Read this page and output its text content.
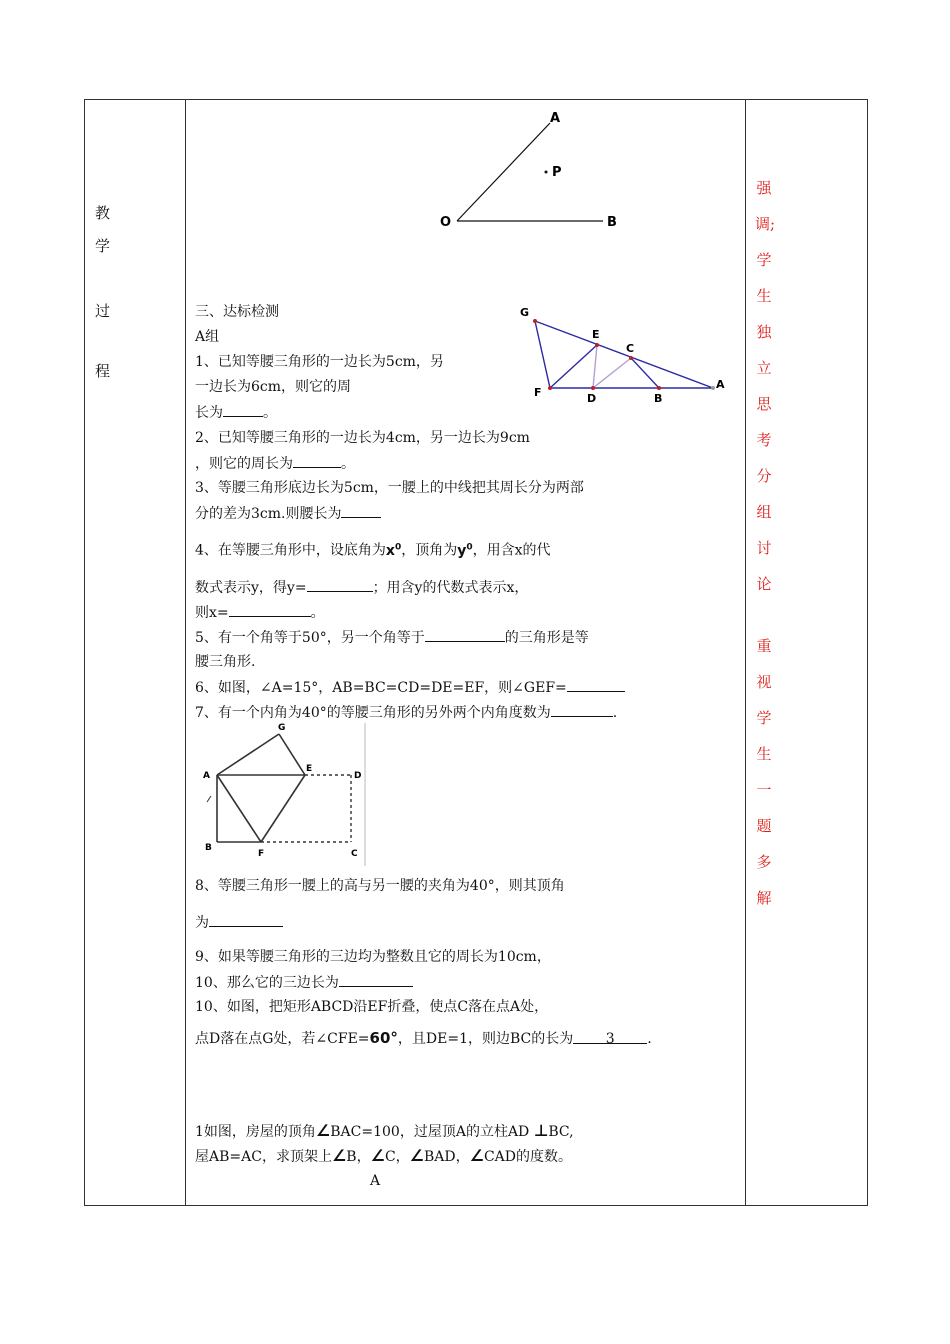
教
学
过
程
强
调;
学
生
独
立
思
考
分
组
讨
论
重
视
学
生
一
题
多
解
A
P
O	B
G
E
C
F	D	B
A
三、达标检测
A组
1、已知等腰三角形的一边长为5cm，另
一边长为6cm，则它的周
长为	。
2、已知等腰三角形的一边长为4cm，另一边长为9cm
，则它的周长为	。
3、等腰三角形底边长为5cm，一腰上的中线把其周长分为两部
分的差为3cm.则腰长为
4、在等腰三角形中，设底角为$x^0$，顶角为$y^0$，用含x的代
数式表示y，得y=	；用含y的代数式表示x，
则x=	。
5、有一个角等于50°，另一个角等于	的三角形是等
腰三角形.
6、如图，∠A=15°，AB=BC=CD=DE=EF，则∠GEF=
7、有一个内角为40°的等腰三角形的另外两个内角度数为	.
G
A
E
D
B
F	C
8、等腰三角形一腰上的高与另一腰的夹角为40°，则其顶角
为
9、如果等腰三角形的三边均为整数且它的周长为10cm，
10、那么它的三边长为
10、如图，把矩形ABCD沿EF折叠，使点C落在点A处，
点D落在点G处，若∠CFE=60°，且DE=1，则边BC的长为 3 .
1如图，房屋的顶角∠BAC=100，过屋顶A的立柱AD ⊥BC,
屋AB=AC，求顶架上∠B，∠C，∠BAD，∠CAD的度数。
A
